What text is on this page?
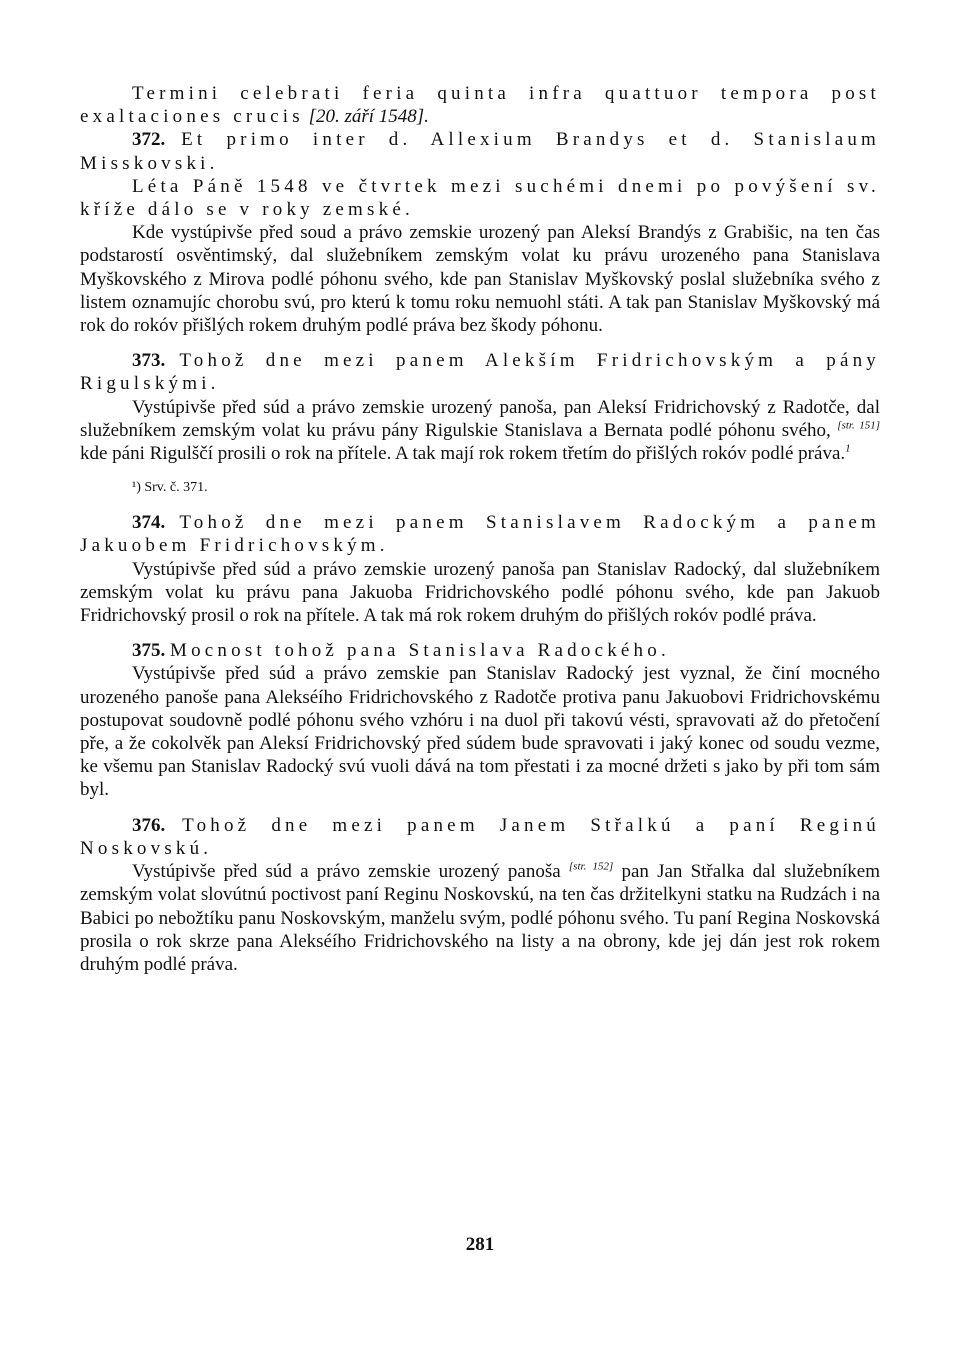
Termini celebrati feria quinta infra quattuor tempora post exaltaciones crucis [20. září 1548].

372. Et primo inter d. Allexium Brandys et d. Stanislaum Misskovski.

Léta Páně 1548 ve čtvrtek mezi suchémi dnemi po povýšení sv. kříže dálo se v roky zemské.

Kde vystúpivše před soud a právo zemskie urozený pan Aleksí Brandýs z Grabišic, na ten čas podstarostí osvěntimský, dal služebníkem zemským volat ku právu urozeného pana Stanislava Myškovského z Mirova podlé póhonu svého, kde pan Stanislav Myškovský poslal služebníka svého z listem oznamujíc chorobu svú, pro kterú k tomu roku nemuohl státi. A tak pan Stanislav Myškovský má rok do rokóv přišlých rokem druhým podlé práva bez škody póhonu.

373. Tohož dne mezi panem Alekším Fridrichovským a pány Rigulskými.

Vystúpivše před súd a právo zemskie urozený panoša, pan Aleksí Fridrichovský z Radotče, dal služebníkem zemským volat ku právu pány Rigulskie Stanislava a Bernata podlé póhonu svého, [str. 151] kde páni Rigulščí prosili o rok na přítele. A tak mají rok rokem třetím do přišlých rokóv podlé práva.$^1$

¹) Srv. č. 371.

374. Tohož dne mezi panem Stanislavem Radockým a panem Jakuobem Fridrichovským.

Vystúpivše před súd a právo zemskie urozený panoša pan Stanislav Radocký, dal služebníkem zemským volat ku právu pana Jakuoba Fridrichovského podlé póhonu svého, kde pan Jakuob Fridrichovský prosil o rok na přítele. A tak má rok rokem druhým do přišlých rokóv podlé práva.

375. Mocnost tohož pana Stanislava Radockého.

Vystúpivše před súd a právo zemskie pan Stanislav Radocký jest vyznal, že činí mocného urozeného panoše pana Alekséího Fridrichovského z Radotče protiva panu Jakuobovi Fridrichovskému postupovat soudovně podlé póhonu svého vzhóru i na duol při takovú vésti, spravovati až do přetočení pře, a že cokolvěk pan Aleksí Fridrichovský před súdem bude spravovati i jaký konec od soudu vezme, ke všemu pan Stanislav Radocký svú vuoli dává na tom přestati i za mocné držeti s jako by při tom sám byl.

376. Tohož dne mezi panem Janem Střalkú a paní Reginú Noskovskú.

Vystúpivše před súd a právo zemskie urozený panoša [str. 152] pan Jan Střalka dal služebníkem zemským volat slovútnú poctivost paní Reginu Noskovskú, na ten čas držitelkyni statku na Rudzách i na Babici po nebožtíku panu Noskovským, manželu svým, podlé póhonu svého. Tu paní Regina Noskovská prosila o rok skrze pana Alekséího Fridrichovského na listy a na obrony, kde jej dán jest rok rokem druhým podlé práva.

281
